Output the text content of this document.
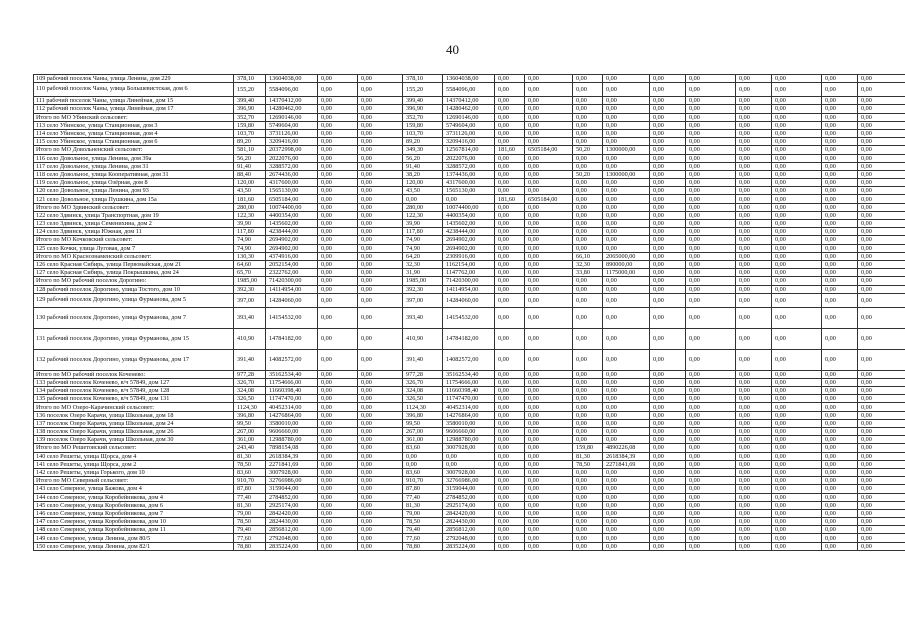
40
109 рабочий поселок Чаны, улица Ленина, дом 229	378,10	13604038,00	0,00	0,00	378,10	13604038,00	0,00	0,00	0,00	0,00	0,00	0,00	0,00	0,00	0,00	0,00
110 рабочий поселок Чаны, улица Большевистская, дом 6	155,20	5584096,00	0,00	0,00	155,20	5584096,00	0,00	0,00	0,00	0,00	0,00	0,00	0,00	0,00	0,00	0,00
111 рабочий поселок Чаны, улица Линейная, дом 15	399,40	14370412,00	0,00	0,00	399,40	14370412,00	0,00	0,00	0,00	0,00	0,00	0,00	0,00	0,00	0,00	0,00
112 рабочий поселок Чаны, улица Линейная, дом 17	396,90	14280462,00	0,00	0,00	396,90	14280462,00	0,00	0,00	0,00	0,00	0,00	0,00	0,00	0,00	0,00	0,00
Итого по МО Убинский сельсовет:	352,70	12690146,00	0,00	0,00	352,70	12690146,00	0,00	0,00	0,00	0,00	0,00	0,00	0,00	0,00	0,00	0,00
113 село Убинское, улица Станционная, дом 3	159,80	5749604,00	0,00	0,00	159,80	5749604,00	0,00	0,00	0,00	0,00	0,00	0,00	0,00	0,00	0,00	0,00
114 село Убинское, улица Станционная, дом 4	103,70	3731126,00	0,00	0,00	103,70	3731126,00	0,00	0,00	0,00	0,00	0,00	0,00	0,00	0,00	0,00	0,00
115 село Убинское, улица Станционная, дом 6	89,20	3209416,00	0,00	0,00	89,20	3209416,00	0,00	0,00	0,00	0,00	0,00	0,00	0,00	0,00	0,00	0,00
Итого по МО Довольненский сельсовет:	581,10	20372998,00	0,00	0,00	349,30	12567814,00	181,60	6505184,00	50,20	1300000,00	0,00	0,00	0,00	0,00	0,00	0,00
116 село Довольное, улица Ленина, дом 39а	56,20	2022076,00	0,00	0,00	56,20	2022076,00	0,00	0,00	0,00	0,00	0,00	0,00	0,00	0,00	0,00	0,00
117 село Довольное, улица Ленина, дом 31	91,40	3288572,00	0,00	0,00	91,40	3288572,00	0,00	0,00	0,00	0,00	0,00	0,00	0,00	0,00	0,00	0,00
118 село Довольное, улица Кооперативная, дом 31	88,40	2674436,00	0,00	0,00	38,20	1374436,00	0,00	0,00	50,20	1300000,00	0,00	0,00	0,00	0,00	0,00	0,00
119 село Довольное, улица Озёрная, дом 8	120,00	4317600,00	0,00	0,00	120,00	4317600,00	0,00	0,00	0,00	0,00	0,00	0,00	0,00	0,00	0,00	0,00
120 село Довольное, улица Ленина, дом 93	43,50	1565130,00	0,00	0,00	43,50	1565130,00	0,00	0,00	0,00	0,00	0,00	0,00	0,00	0,00	0,00	0,00
121 село Довольное, улица Пушкина, дом 15а	181,60	6505184,00	0,00	0,00	0,00	0,00	181,60	6505184,00	0,00	0,00	0,00	0,00	0,00	0,00	0,00	0,00
Итого по МО Здвинский сельсовет:	280,00	10074400,00	0,00	0,00	280,00	10074400,00	0,00	0,00	0,00	0,00	0,00	0,00	0,00	0,00	0,00	0,00
122 село Здвинск, улица Транспортная, дом 19	122,30	4400354,00	0,00	0,00	122,30	4400354,00	0,00	0,00	0,00	0,00	0,00	0,00	0,00	0,00	0,00	0,00
123 село Здвинск, улица Семенихина, дом 2	39,90	1435602,00	0,00	0,00	39,90	1435602,00	0,00	0,00	0,00	0,00	0,00	0,00	0,00	0,00	0,00	0,00
124 село Здвинск, улица Южная, дом 11	117,80	4238444,00	0,00	0,00	117,80	4238444,00	0,00	0,00	0,00	0,00	0,00	0,00	0,00	0,00	0,00	0,00
Итого по МО Кочковский сельсовет:	74,90	2694902,00	0,00	0,00	74,90	2694902,00	0,00	0,00	0,00	0,00	0,00	0,00	0,00	0,00	0,00	0,00
125 село Кочки, улица Луговая, дом 7	74,90	2694902,00	0,00	0,00	74,90	2694902,00	0,00	0,00	0,00	0,00	0,00	0,00	0,00	0,00	0,00	0,00
Итого по МО Краснознаменский сельсовет:	130,30	4374916,00	0,00	0,00	64,20	2309916,00	0,00	0,00	66,10	2065000,00	0,00	0,00	0,00	0,00	0,00	0,00
126 село Красная Сибирь, улица Первомайская, дом 21	64,60	2052154,00	0,00	0,00	32,30	1162154,00	0,00	0,00	32,30	890000,00	0,00	0,00	0,00	0,00	0,00	0,00
127 село Красная Сибирь, улица Покрышкина, дом 24	65,70	2322762,00	0,00	0,00	31,90	1147762,00	0,00	0,00	33,80	1175000,00	0,00	0,00	0,00	0,00	0,00	0,00
Итого по МО рабочий поселок Дорогино:	1985,00	71420300,00	0,00	0,00	1985,00	71420300,00	0,00	0,00	0,00	0,00	0,00	0,00	0,00	0,00	0,00	0,00
128 рабочий поселок Дорогино, улица Тостого, дом 10	392,30	14114954,00	0,00	0,00	392,30	14114954,00	0,00	0,00	0,00	0,00	0,00	0,00	0,00	0,00	0,00	0,00
129 рабочий поселок Дорогино, улица Фурманова, дом 5	397,00	14284060,00	0,00	0,00	397,00	14284060,00	0,00	0,00	0,00	0,00	0,00	0,00	0,00	0,00	0,00	0,00
130 рабочий поселок Дорогино, улица Фурманова, дом 7	393,40	14154532,00	0,00	0,00	393,40	14154532,00	0,00	0,00	0,00	0,00	0,00	0,00	0,00	0,00	0,00	0,00
131 рабочий поселок Дорогино, улица Фурманова, дом 15	410,90	14784182,00	0,00	0,00	410,90	14784182,00	0,00	0,00	0,00	0,00	0,00	0,00	0,00	0,00	0,00	0,00
132 рабочий поселок Дорогино, улица Фурманова, дом 17	391,40	14082572,00	0,00	0,00	391,40	14082572,00	0,00	0,00	0,00	0,00	0,00	0,00	0,00	0,00	0,00	0,00
Итого по МО рабочий поселок Коченево:	977,28	35162534,40	0,00	0,00	977,28	35162534,40	0,00	0,00	0,00	0,00	0,00	0,00	0,00	0,00	0,00	0,00
133 рабочий поселок Коченево, в/ч 57849, дом 127	326,70	11754666,00	0,00	0,00	326,70	11754666,00	0,00	0,00	0,00	0,00	0,00	0,00	0,00	0,00	0,00	0,00
134 рабочий поселок Коченево, в/ч 57849, дом 128	324,08	11660398,40	0,00	0,00	324,08	11660398,40	0,00	0,00	0,00	0,00	0,00	0,00	0,00	0,00	0,00	0,00
135 рабочий поселок Коченево, в/ч 57849, дом 131	326,50	11747470,00	0,00	0,00	326,50	11747470,00	0,00	0,00	0,00	0,00	0,00	0,00	0,00	0,00	0,00	0,00
Итого по МО Озеро-Карачинский сельсовет:	1124,30	40452314,00	0,00	0,00	1124,30	40452314,00	0,00	0,00	0,00	0,00	0,00	0,00	0,00	0,00	0,00	0,00
136 поселок Озеро Карачи, улица Школьная, дом 18	396,80	14276864,00	0,00	0,00	396,80	14276864,00	0,00	0,00	0,00	0,00	0,00	0,00	0,00	0,00	0,00	0,00
137 поселок Озеро Карачи, улица Школьная, дом 24	99,50	3580010,00	0,00	0,00	99,50	3580010,00	0,00	0,00	0,00	0,00	0,00	0,00	0,00	0,00	0,00	0,00
138 поселок Озеро Карачи, улица Школьная, дом 26	267,00	9606660,00	0,00	0,00	267,00	9606660,00	0,00	0,00	0,00	0,00	0,00	0,00	0,00	0,00	0,00	0,00
139 поселок Озеро Карачи, улица Школьная, дом 30	361,00	12988780,00	0,00	0,00	361,00	12988780,00	0,00	0,00	0,00	0,00	0,00	0,00	0,00	0,00	0,00	0,00
Итого по МО Решетовский сельсовет:	243,40	7898154,08	0,00	0,00	83,60	3007928,00	0,00	0,00	159,80	4890226,08	0,00	0,00	0,00	0,00	0,00	0,00
140 село Решеты, улица Щорса, дом 4	81,30	2618384,39	0,00	0,00	0,00	0,00	0,00	0,00	81,30	2618384,39	0,00	0,00	0,00	0,00	0,00	0,00
141 село Решеты, улица Щорса, дом 2	78,50	2271841,69	0,00	0,00	0,00	0,00	0,00	0,00	78,50	2271841,69	0,00	0,00	0,00	0,00	0,00	0,00
142 село Решеты, улица Горького, дом 10	83,60	3007928,00	0,00	0,00	83,60	3007928,00	0,00	0,00	0,00	0,00	0,00	0,00	0,00	0,00	0,00	0,00
Итого по МО Северный сельсовет:	910,70	32766986,00	0,00	0,00	910,70	32766986,00	0,00	0,00	0,00	0,00	0,00	0,00	0,00	0,00	0,00	0,00
143 село Северное, улица Бажова, дом 4	87,80	3159044,00	0,00	0,00	87,80	3159044,00	0,00	0,00	0,00	0,00	0,00	0,00	0,00	0,00	0,00	0,00
144 село Северное, улица Коробейникова, дом 4	77,40	2784852,00	0,00	0,00	77,40	2784852,00	0,00	0,00	0,00	0,00	0,00	0,00	0,00	0,00	0,00	0,00
145 село Северное, улица Коробейникова, дом 6	81,30	2925174,00	0,00	0,00	81,30	2925174,00	0,00	0,00	0,00	0,00	0,00	0,00	0,00	0,00	0,00	0,00
146 село Северное, улица Коробейникова, дом 7	79,00	2842420,00	0,00	0,00	79,00	2842420,00	0,00	0,00	0,00	0,00	0,00	0,00	0,00	0,00	0,00	0,00
147 село Северное, улица Коробейникова, дом 10	78,50	2824430,00	0,00	0,00	78,50	2824430,00	0,00	0,00	0,00	0,00	0,00	0,00	0,00	0,00	0,00	0,00
148 село Северное, улица Коробейникова, дом 11	79,40	2856812,00	0,00	0,00	79,40	2856812,00	0,00	0,00	0,00	0,00	0,00	0,00	0,00	0,00	0,00	0,00
149 село Северное, улица Ленина, дом 80/5	77,60	2792048,00	0,00	0,00	77,60	2792048,00	0,00	0,00	0,00	0,00	0,00	0,00	0,00	0,00	0,00	0,00
150 село Северное, улица Ленина, дом 82/1	78,80	2835224,00	0,00	0,00	78,80	2835224,00	0,00	0,00	0,00	0,00	0,00	0,00	0,00	0,00	0,00	0,00
